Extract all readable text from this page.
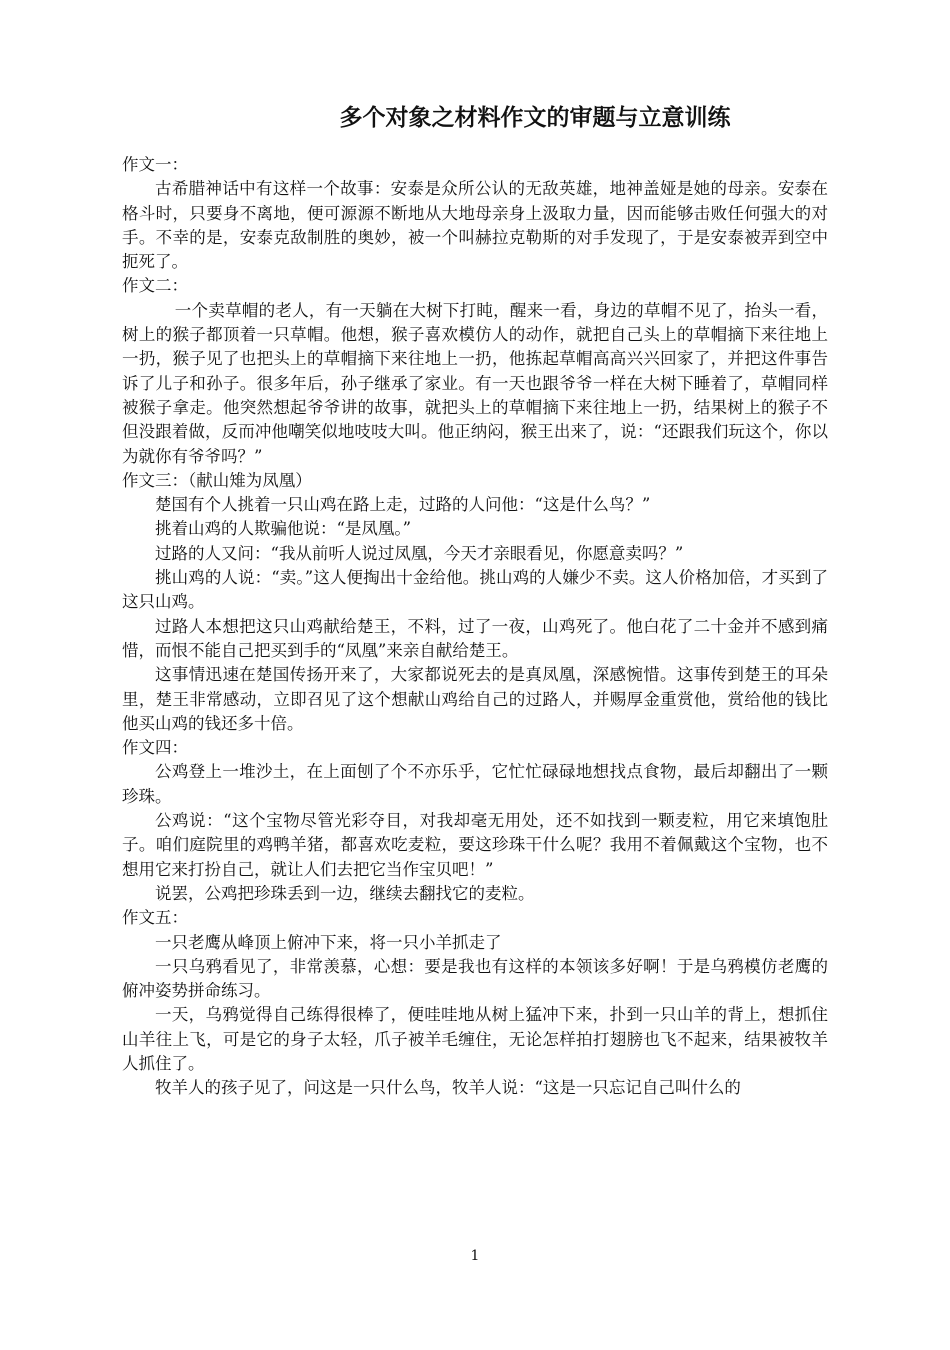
多个对象之材料作文的审题与立意训练

作文一：

古希腊神话中有这样一个故事：安泰是众所公认的无敌英雄，地神盖娅是她的母亲。安泰在格斗时，只要身不离地，便可源源不断地从大地母亲身上汲取力量，因而能够击败任何强大的对手。不幸的是，安泰克敌制胜的奥妙，被一个叫赫拉克勒斯的对手发现了，于是安泰被弄到空中扼死了。

作文二：

一个卖草帽的老人，有一天躺在大树下打盹，醒来一看，身边的草帽不见了，抬头一看，树上的猴子都顶着一只草帽。他想，猴子喜欢模仿人的动作，就把自己头上的草帽摘下来往地上一扔，猴子见了也把头上的草帽摘下来往地上一扔，他拣起草帽高高兴兴回家了，并把这件事告诉了儿子和孙子。很多年后，孙子继承了家业。有一天也跟爷爷一样在大树下睡着了，草帽同样被猴子拿走。他突然想起爷爷讲的故事，就把头上的草帽摘下来往地上一扔，结果树上的猴子不但没跟着做，反而冲他嘲笑似地吱吱大叫。他正纳闷，猴王出来了，说：“还跟我们玩这个，你以为就你有爷爷吗？”

作文三：（献山雉为凤凰）

楚国有个人挑着一只山鸡在路上走，过路的人问他：“这是什么鸟？”

挑着山鸡的人欺骗他说：“是凤凰。”

过路的人又问：“我从前听人说过凤凰，今天才亲眼看见，你愿意卖吗？”

挑山鸡的人说：“卖。”这人便掏出十金给他。挑山鸡的人嫌少不卖。这人价格加倍，才买到了这只山鸡。

过路人本想把这只山鸡献给楚王，不料，过了一夜，山鸡死了。他白花了二十金并不感到痛惜，而恨不能自己把买到手的“凤凰”来亲自献给楚王。

这事情迅速在楚国传扬开来了，大家都说死去的是真凤凰，深感惋惜。这事传到楚王的耳朵里，楚王非常感动，立即召见了这个想献山鸡给自己的过路人，并赐厚金重赏他，赏给他的钱比他买山鸡的钱还多十倍。

作文四：

公鸡登上一堆沙土，在上面刨了个不亦乐乎，它忙忙碌碌地想找点食物，最后却翻出了一颗珍珠。

公鸡说：“这个宝物尽管光彩夺目，对我却毫无用处，还不如找到一颗麦粒，用它来填饱肚子。咱们庭院里的鸡鸭羊猪，都喜欢吃麦粒，要这珍珠干什么呢？我用不着佩戴这个宝物，也不想用它来打扮自己，就让人们去把它当作宝贝吧！”

说罢，公鸡把珍珠丢到一边，继续去翻找它的麦粒。

作文五：

一只老鹰从峰顶上俯冲下来，将一只小羊抓走了

一只乌鸦看见了，非常羡慕，心想：要是我也有这样的本领该多好啊！于是乌鸦模仿老鹰的俯冲姿势拼命练习。

一天，乌鸦觉得自己练得很棒了，便哇哇地从树上猛冲下来，扑到一只山羊的背上，想抓住山羊往上飞，可是它的身子太轻，爪子被羊毛缠住，无论怎样拍打翅膀也飞不起来，结果被牧羊人抓住了。

牧羊人的孩子见了，问这是一只什么鸟，牧羊人说：“这是一只忘记自己叫什么的

1
